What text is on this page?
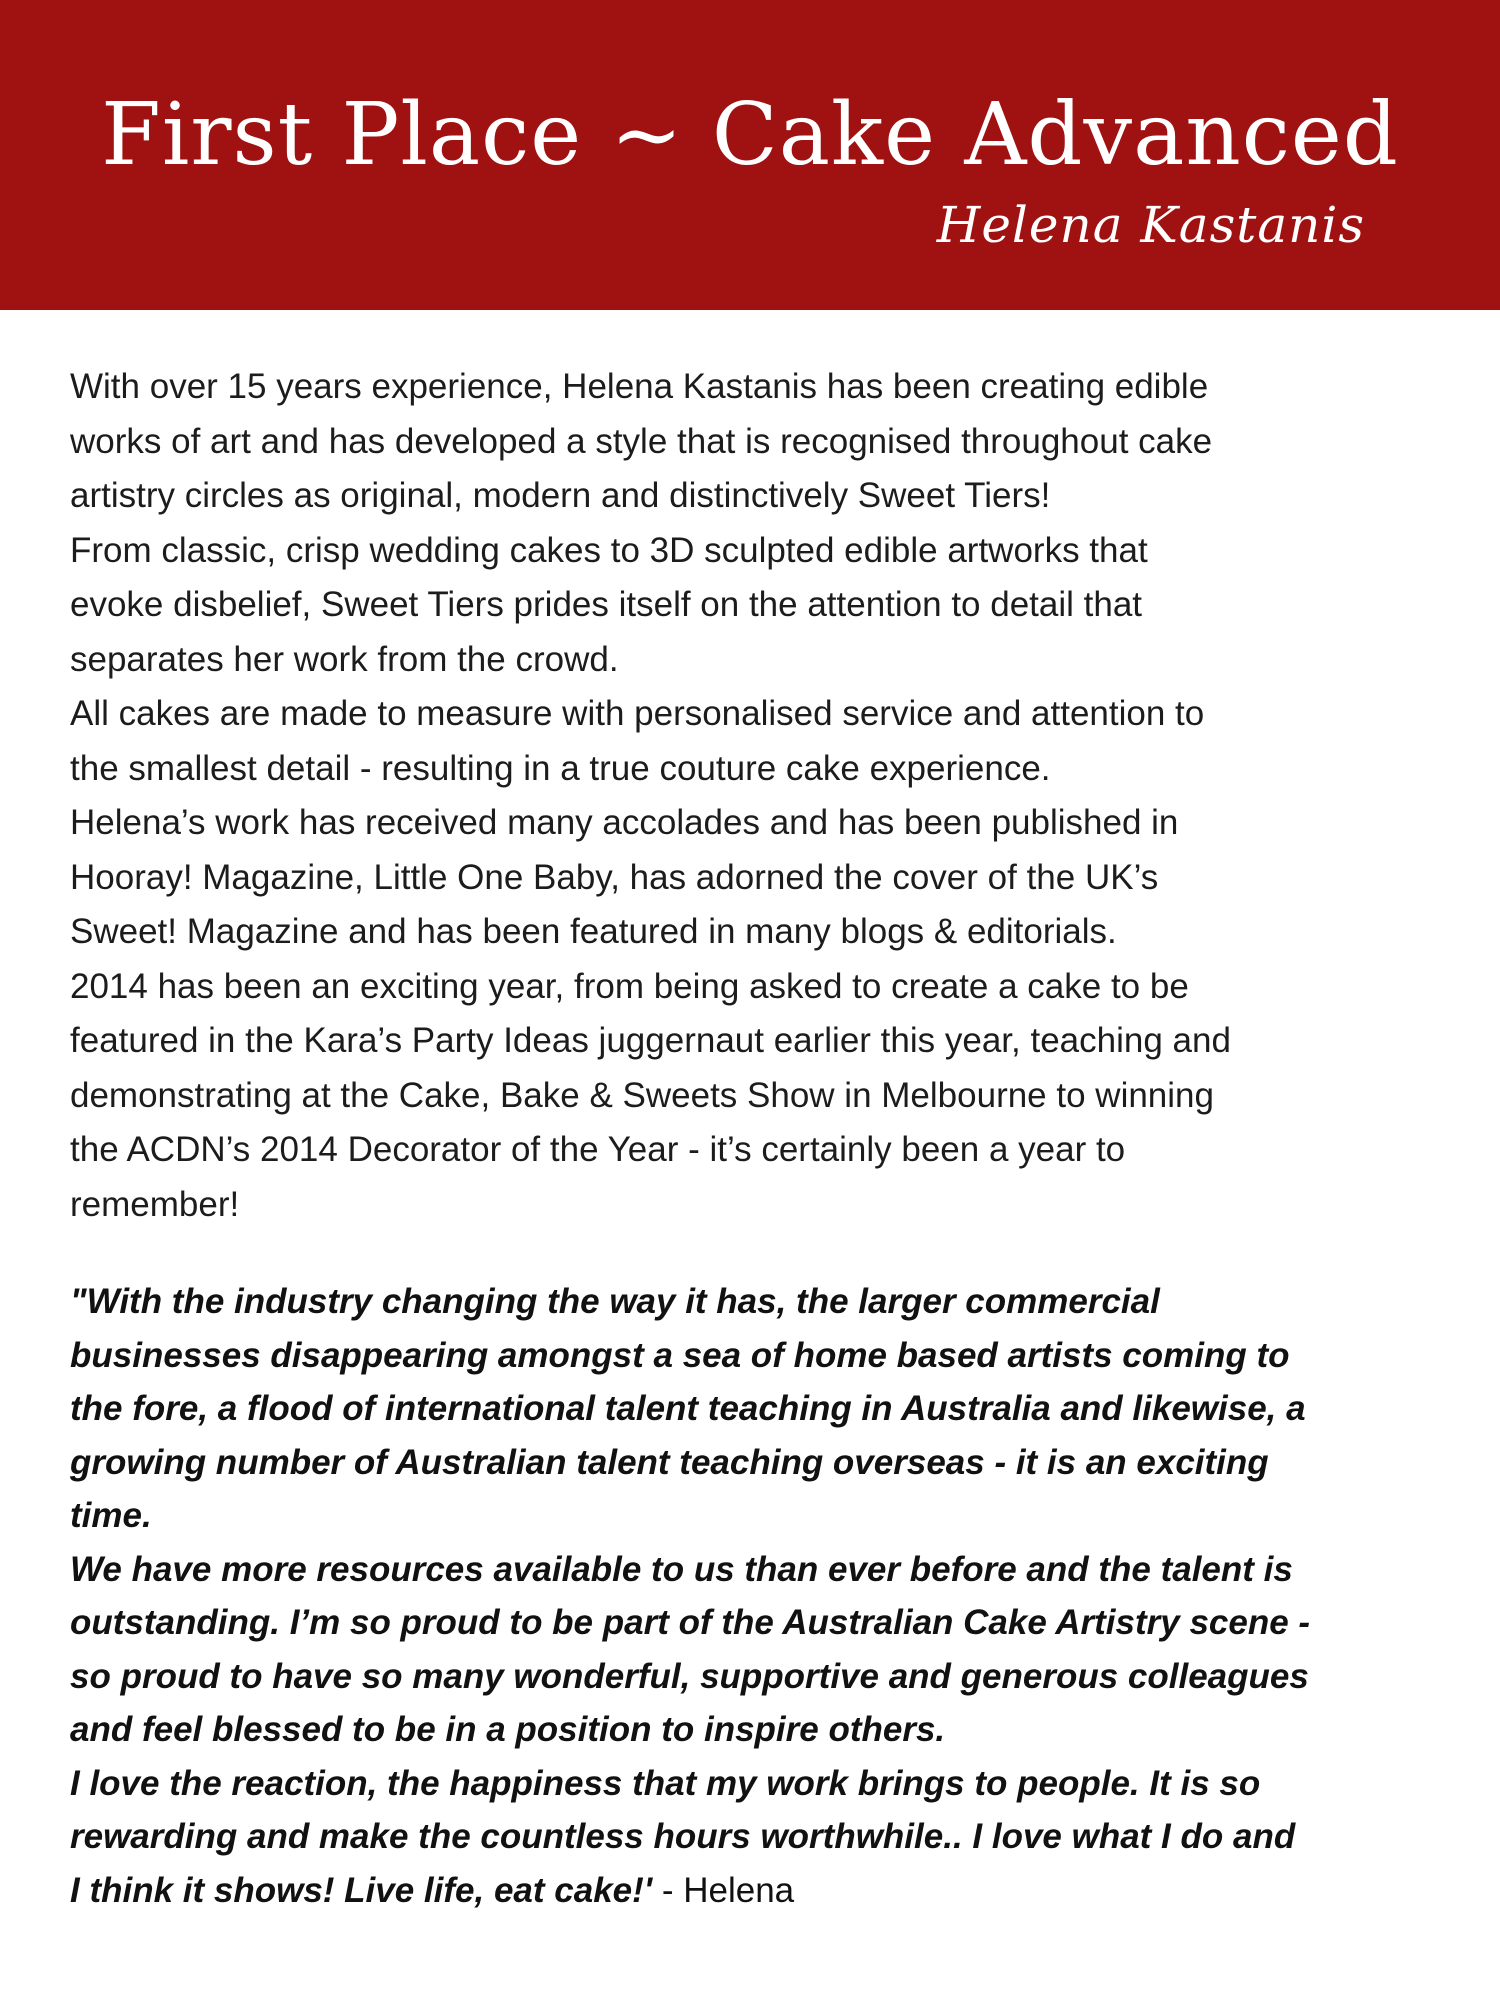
First Place ~ Cake Advanced
Helena Kastanis

With over 15 years experience, Helena Kastanis has been creating edible
works of art and has developed a style that is recognised throughout cake
artistry circles as original, modern and distinctively Sweet Tiers!

From classic, crisp wedding cakes to 3D sculpted edible artworks that
evoke disbelief, Sweet Tiers prides itself on the attention to detail that
separates her work from the crowd.

All cakes are made to measure with personalised service and attention to
the smallest detail - resulting in a true couture cake experience.

Helena’s work has received many accolades and has been published in
Hooray! Magazine, Little One Baby, has adorned the cover of the UK’s
Sweet! Magazine and has been featured in many blogs & editorials.

2014 has been an exciting year, from being asked to create a cake to be
featured in the Kara’s Party Ideas juggernaut earlier this year, teaching and
demonstrating at the Cake, Bake & Sweets Show in Melbourne to winning
the ACDN’s 2014 Decorator of the Year - it’s certainly been a year to
remember!

"With the industry changing the way it has, the larger commercial
businesses disappearing amongst a sea of home based artists coming to
the fore, a flood of international talent teaching in Australia and likewise, a
growing number of Australian talent teaching overseas - it is an exciting
time.

We have more resources available to us than ever before and the talent is
outstanding. I’m so proud to be part of the Australian Cake Artistry scene -
so proud to have so many wonderful, supportive and generous colleagues
and feel blessed to be in a position to inspire others.

I love the reaction, the happiness that my work brings to people. It is so
rewarding and make the countless hours worthwhile.. I love what I do and
I think it shows! Live life, eat cake!' - Helena
